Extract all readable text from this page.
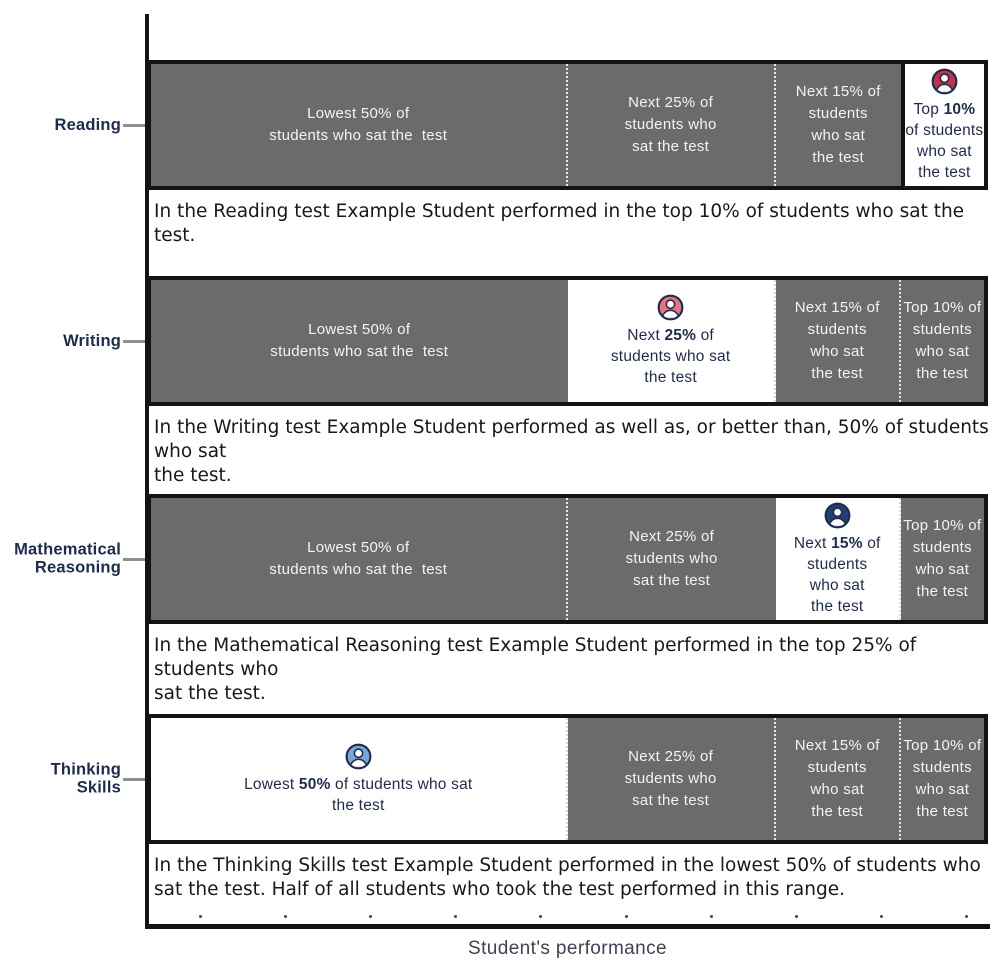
Reading
Lowest 50% of
students who sat the  test
Next 25% of
students who
sat the test
Next 15% of
students
who sat
the test
Top 10%
of students
who sat
the test
In the Reading test Example Student performed in the top 10% of students who sat the test.
Writing
Lowest 50% of
students who sat the  test
Next 25% of
students who sat
the test
Next 15% of
students
who sat
the test
Top 10% of
students
who sat
the test
In the Writing test Example Student performed as well as, or better than, 50% of students who sat
the test.
Mathematical
Reasoning
Lowest 50% of
students who sat the  test
Next 25% of
students who
sat the test
Next 15% of
students
who sat
the test
Top 10% of
students
who sat
the test
In the Mathematical Reasoning test Example Student performed in the top 25% of students who
sat the test.
Thinking
Skills	Lowest 50% of students who sat
the test
Next 25% of
students who
sat the test
Next 15% of
students
who sat
the test
Top 10% of
students
who sat
the test
In the Thinking Skills test Example Student performed in the lowest 50% of students who
sat the test. Half of all students who took the test performed in this range.
Student's performance
